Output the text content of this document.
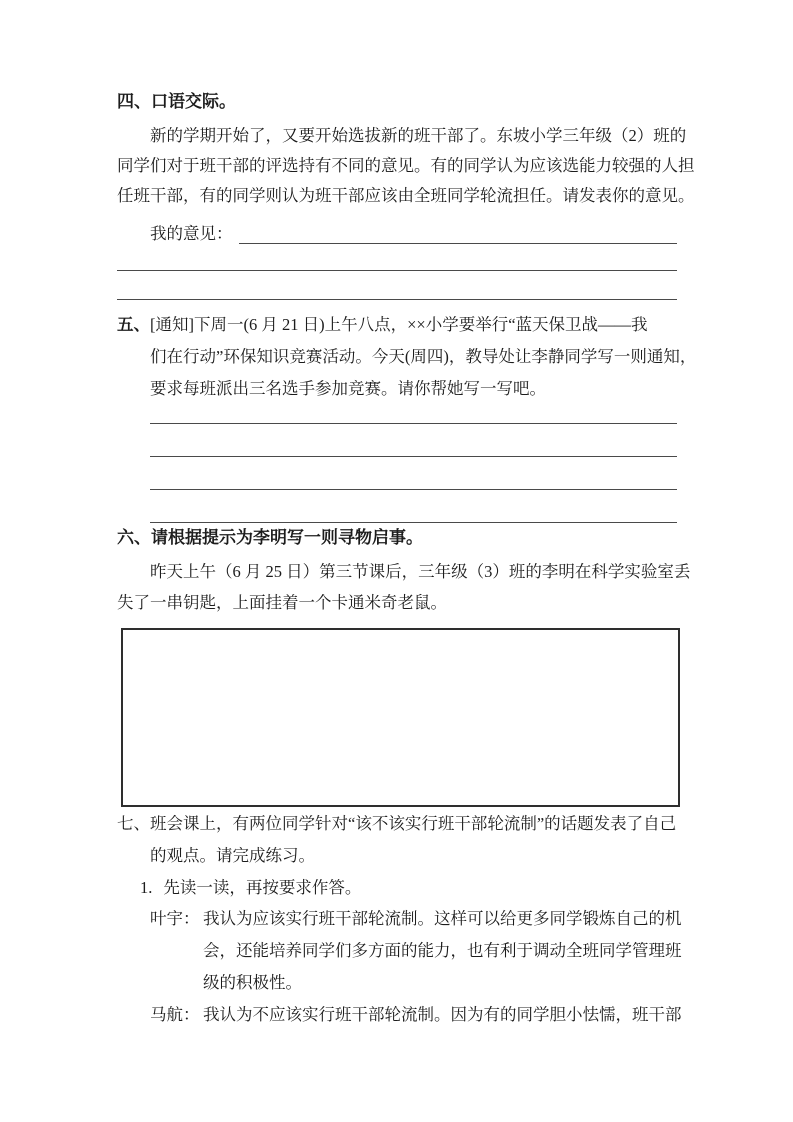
四、口语交际。
新的学期开始了，又要开始选拔新的班干部了。东坡小学三年级（2）班的
同学们对于班干部的评选持有不同的意见。有的同学认为应该选能力较强的人担
任班干部，有的同学则认为班干部应该由全班同学轮流担任。请发表你的意见。
我的意见：
五、[通知]下周一(6 月 21 日)上午八点，××小学要举行“蓝天保卫战——我
们在行动”环保知识竞赛活动。今天(周四)，教导处让李静同学写一则通知，
要求每班派出三名选手参加竞赛。请你帮她写一写吧。
六、请根据提示为李明写一则寻物启事。
昨天上午（6 月 25 日）第三节课后，三年级（3）班的李明在科学实验室丢
失了一串钥匙，上面挂着一个卡通米奇老鼠。
七、班会课上，有两位同学针对“该不该实行班干部轮流制”的话题发表了自己
的观点。请完成练习。
1. 先读一读，再按要求作答。
叶宇： 我认为应该实行班干部轮流制。这样可以给更多同学锻炼自己的机
会，还能培养同学们多方面的能力，也有利于调动全班同学管理班
级的积极性。
马航： 我认为不应该实行班干部轮流制。因为有的同学胆小怯懦，班干部
